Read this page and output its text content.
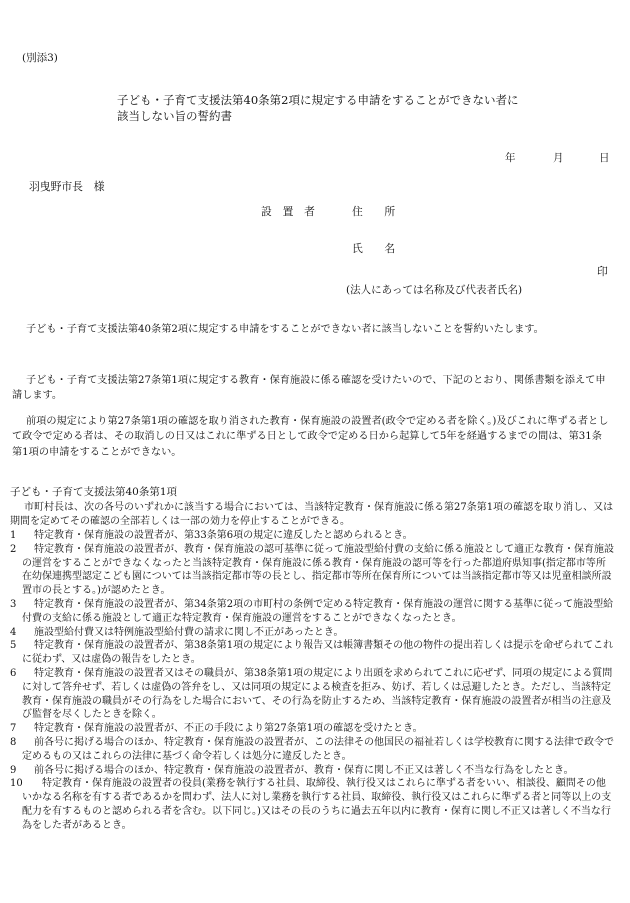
(別添3)
子ども・子育て支援法第40条第2項に規定する申請をすることができない者に
該当しない旨の誓約書
年	月	日
羽曳野市長　様
設　置　者	住　　所
氏　　名
印
(法人にあっては名称及び代表者氏名)
子ども・子育て支援法第40条第2項に規定する申請をすることができない者に該当しないことを誓約いたします。
子ども・子育て支援法第27条第1項に規定する教育・保育施設に係る確認を受けたいので、下記のとおり、関係書類を添えて申請します。
前項の規定により第27条第1項の確認を取り消された教育・保育施設の設置者(政令で定める者を除く。)及びこれに準ずる者として政令で定める者は、その取消しの日又はこれに準ずる日として政令で定める日から起算して5年を経過するまでの間は、第31条第1項の申請をすることができない。
子ども・子育て支援法第40条第1項
市町村長は、次の各号のいずれかに該当する場合においては、当該特定教育・保育施設に係る第27条第1項の確認を取り消し、又は期間を定めてその確認の全部若しくは一部の効力を停止することができる。
1	特定教育・保育施設の設置者が、第33条第6項の規定に違反したと認められるとき。
2	特定教育・保育施設の設置者が、教育・保育施設の認可基準に従って施設型給付費の支給に係る施設として適正な教育・保育施設の運営をすることができなくなったと当該特定教育・保育施設に係る教育・保育施設の認可等を行った都道府県知事(指定都市等所在幼保連携型認定こども園については当該指定都市等の長とし、指定都市等所在保育所については当該指定都市等又は児童相談所設置市の長とする。)が認めたとき。
3	特定教育・保育施設の設置者が、第34条第2項の市町村の条例で定める特定教育・保育施設の運営に関する基準に従って施設型給付費の支給に係る施設として適正な特定教育・保育施設の運営をすることができなくなったとき。
4	施設型給付費又は特例施設型給付費の請求に関し不正があったとき。
5	特定教育・保育施設の設置者が、第38条第1項の規定により報告又は帳簿書類その他の物件の提出若しくは提示を命ぜられてこれに従わず、又は虚偽の報告をしたとき。
6	特定教育・保育施設の設置者又はその職員が、第38条第1項の規定により出頭を求められてこれに応ぜず、同項の規定による質問に対して答弁せず、若しくは虚偽の答弁をし、又は同項の規定による検査を拒み、妨げ、若しくは忌避したとき。ただし、当該特定教育・保育施設の職員がその行為をした場合において、その行為を防止するため、当該特定教育・保育施設の設置者が相当の注意及び監督を尽くしたときを除く。
7	特定教育・保育施設の設置者が、不正の手段により第27条第1項の確認を受けたとき。
8	前各号に掲げる場合のほか、特定教育・保育施設の設置者が、この法律その他国民の福祉若しくは学校教育に関する法律で政令で定めるもの又はこれらの法律に基づく命令若しくは処分に違反したとき。
9	前各号に掲げる場合のほか、特定教育・保育施設の設置者が、教育・保育に関し不正又は著しく不当な行為をしたとき。
10	特定教育・保育施設の設置者の役員(業務を執行する社員、取締役、執行役又はこれらに準ずる者をいい、相談役、顧問その他いかなる名称を有する者であるかを問わず、法人に対し業務を執行する社員、取締役、執行役又はこれらに準ずる者と同等以上の支配力を有するものと認められる者を含む。以下同じ。)又はその長のうちに過去五年以内に教育・保育に関し不正又は著しく不当な行為をした者があるとき。
